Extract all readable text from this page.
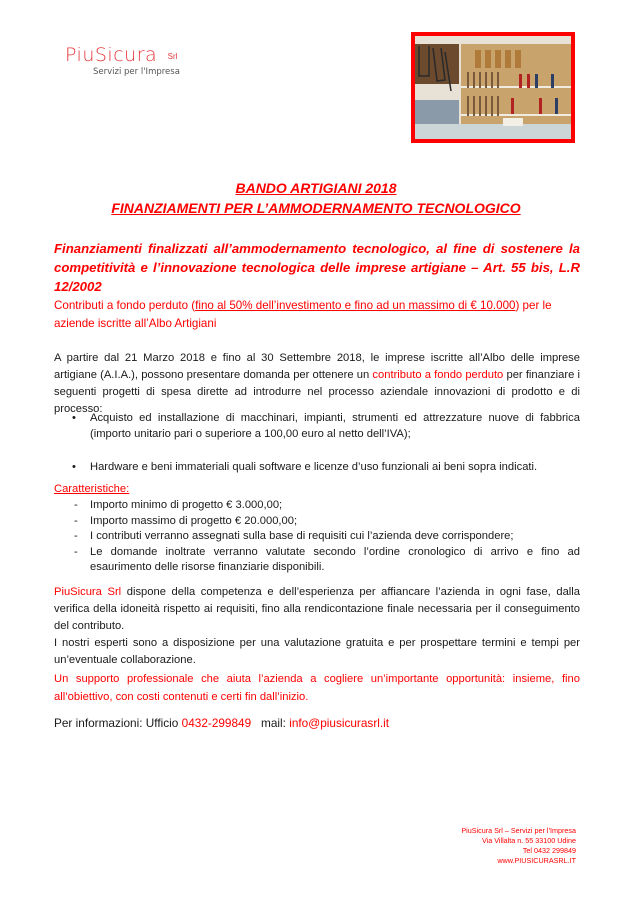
PiuSicura Srl
Servizi per l'Impresa
BANDO ARTIGIANI 2018
FINANZIAMENTI PER L’AMMODERNAMENTO TECNOLOGICO
Finanziamenti finalizzati all’ammodernamento tecnologico, al fine di sostenere la competitività e l’innovazione tecnologica delle imprese artigiane – Art. 55 bis, L.R 12/2002
Contributi a fondo perduto (fino al 50% dell’investimento e fino ad un massimo di € 10.000) per le aziende iscritte all’Albo Artigiani
A partire dal 21 Marzo 2018 e fino al 30 Settembre 2018, le imprese iscritte all’Albo delle imprese artigiane (A.I.A.), possono presentare domanda per ottenere un contributo a fondo perduto per finanziare i seguenti progetti di spesa dirette ad introdurre nel processo aziendale innovazioni di prodotto e di processo:
• Acquisto ed installazione di macchinari, impianti, strumenti ed attrezzature nuove di fabbrica (importo unitario pari o superiore a 100,00 euro al netto dell’IVA);
• Hardware e beni immateriali quali software e licenze d’uso funzionali ai beni sopra indicati.
Caratteristiche:
- Importo minimo di progetto € 3.000,00;
- Importo massimo di progetto € 20.000,00;
- I contributi verranno assegnati sulla base di requisiti cui l’azienda deve corrispondere;
- Le domande inoltrate verranno valutate secondo l’ordine cronologico di arrivo e fino ad esaurimento delle risorse finanziarie disponibili.
PiuSicura Srl dispone della competenza e dell’esperienza per affiancare l’azienda in ogni fase, dalla verifica della idoneità rispetto ai requisiti, fino alla rendicontazione finale necessaria per il conseguimento del contributo.
I nostri esperti sono a disposizione per una valutazione gratuita e per prospettare termini e tempi per un’eventuale collaborazione.
Un supporto professionale che aiuta l’azienda a cogliere un’importante opportunità: insieme, fino all’obiettivo, con costi contenuti e certi fin dall’inizio.
Per informazioni: Ufficio 0432-299849 mail: info@piusicurasrl.it
PiuSicura Srl – Servizi per l’Impresa
Via Villalta n. 55 33100 Udine
Tel 0432 299849
www.PIUSICURASRL.IT
